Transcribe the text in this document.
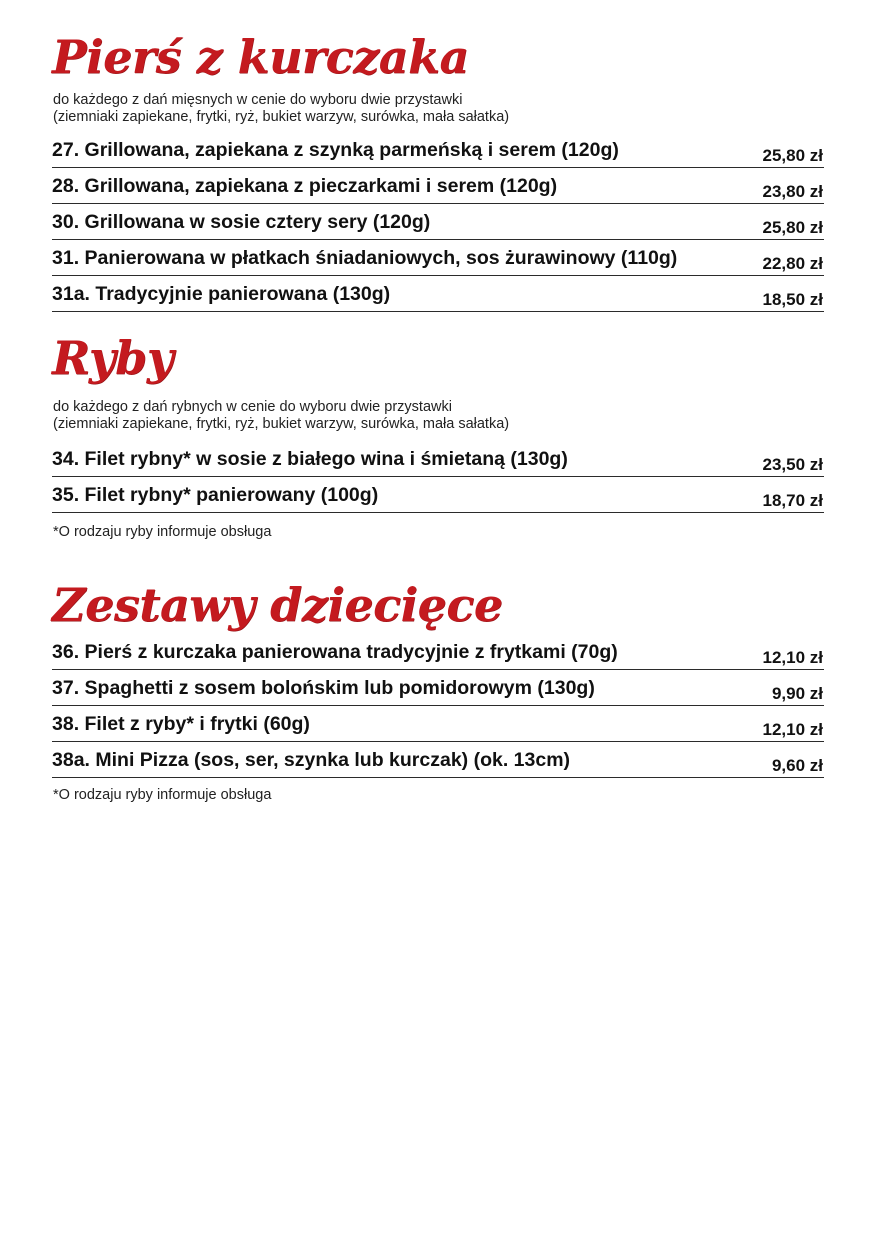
Pierś z kurczaka

do każdego z dań mięsnych w cenie do wyboru dwie przystawki
(ziemniaki zapiekane, frytki, ryż, bukiet warzyw, surówka, mała sałatka)

27. Grillowana, zapiekana z szynką parmeńską i serem (120g)	25,80 zł
28. Grillowana, zapiekana z pieczarkami i serem (120g)	23,80 zł
30. Grillowana w sosie cztery sery (120g)	25,80 zł
31. Panierowana w płatkach śniadaniowych, sos żurawinowy (110g)	22,80 zł
31a. Tradycyjnie panierowana (130g)	18,50 zł
Ryby

do każdego z dań rybnych w cenie do wyboru dwie przystawki
(ziemniaki zapiekane, frytki, ryż, bukiet warzyw, surówka, mała sałatka)

34. Filet rybny* w sosie z białego wina i śmietaną (130g)	23,50 zł
35. Filet rybny* panierowany (100g)	18,70 zł

*O rodzaju ryby informuje obsługa

Zestawy dziecięce
36. Pierś z kurczaka panierowana tradycyjnie z frytkami (70g)	12,10 zł
37. Spaghetti z sosem bolońskim lub pomidorowym (130g)	9,90 zł
38. Filet z ryby* i frytki (60g)	12,10 zł
38a. Mini Pizza (sos, ser, szynka lub kurczak) (ok. 13cm)	9,60 zł

*O rodzaju ryby informuje obsługa
